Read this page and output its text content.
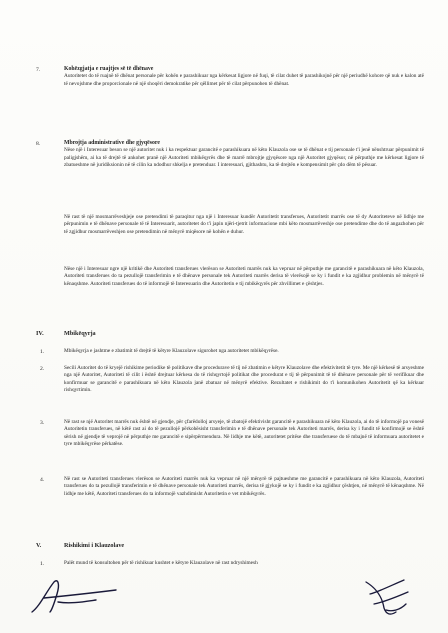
7.	Kohëzgjatja e ruajtjes së të dhënave
Autoritetet do të ruajnë të dhënat personale për kohën e parashikuar nga kërkesat ligjore në fuqi, të cilat duhet të parashikojnë për një periudhë kohore që nuk e kalon atë të nevojshme dhe proporcionale në një shoqëri demokratike për qëllimet për të cilat përpunohen të dhënat.
8.	Mbrojtja administrative dhe gjyqësore
Nëse një i Interesuar beson se një autoritet nuk i ka respektuar garancitë e parashikuara në këto Klauzola ose se të dhënat e tij personale t'i jenë nënshtruar përpunimit të paligjshëm, ai ka të drejtë të ankohet pranë një Autoriteti mbikëqyrës dhe të marrë mbrojtje gjyqësore nga një Autoritet gjyqësor, në përputhje me kërkesat ligjore të zbatueshme në juridiksionin në të cilin ka ndodhur shkelja e pretenduar. I interesuari, gjithashtu, ka të drejtën e kompensimit për çdo dëm të pësuar.
Në rast të një mosmarrëveshjeje ose pretendimi të paraqitur nga një i Interesuar kundër Autoritetit transferues, Autoritetit marrës ose të dy Autoriteteve në lidhje me përpunimin e të dhënave personale të të Interesuarit, autoritetet do t'i japin njëri-tjetrit informacione mbi këto mosmarrëveshje ose pretendime dhe do të angazhohen për të zgjidhur mosmarrëveshjen ose pretendimin në mënyrë miqësore në kohën e duhur.
Nëse një i Interesuar ngre një kritikë dhe Autoriteti transferues vlerëson se Autoriteti marrës nuk ka vepruar në përputhje me garancitë e parashikuara në këto Klauzola, Autoriteti transferues do ta pezullojë transferimin e të dhënave personale tek Autoriteti marrës derisa të vlerësojë se ky i fundit e ka zgjidhur problemin në mënyrë të kënaqshme. Autoriteti transferues do të informojë të Interesuarin dhe Autoritetin e tij mbikëqyrës për zhvillimet e çështjes.
IV.	Mbikëqyrja
1.	Mbikëqyrja e jashtme e zbatimit të drejtë të këtyre Klauzolave sigurohet nga autoritetet mbikëqyrëse.
2.	Secili Autoritet do të kryejë rishikime periodike të politikave dhe procedurave të tij në zbatimin e këtyre Klauzolave dhe efektivitetit të tyre. Me një kërkesë të arsyeshme nga një Autoritet, Autoriteti të cilit i është drejtuar kërkesa do të rishqyrtojë politikat dhe procedurat e tij të përpunimit të të dhënave personale për të verifikuar dhe konfirmuar se garancitë e parashikuara në këto Klauzola janë zbatuar në mënyrë efektive. Rezultatet e rishikimit do t'i komunikohen Autoritetit që ka kërkuar rishqyrtimin.
3.	Në rast se një Autoritet marrës nuk është në gjendje, për çfarëdolloj arsyeje, të zbatojë efektivisht garancitë e parashikuara në këto Klauzola, ai do të informojë pa vonesë Autoritetin transferues, në këtë rast ai do të pezullojë përkohësisht transferimin e të dhënave personale tek Autoriteti marrës, derisa ky i fundit të konfirmojë se është sërish në gjendje të veprojë në përputhje me garancitë e sipërpërmendura. Në lidhje me këtë, autoritetet pritëse dhe transferuese do të mbajnë të informuara autoritetet e tyre mbikëqyrëse përkatëse.
4.	Në rast se Autoriteti transferues vlerëson se Autoriteti marrës nuk ka vepruar në një mënyrë të pajtueshme me garancitë e parashikuara në këto Klauzola, Autoriteti transferues do ta pezullojë transferimin e të dhënave personale tek Autoriteti marrës, derisa të gjykojë se ky i fundit e ka zgjidhur çështjen, në mënyrë të kënaqshme. Në lidhje me këtë, Autoriteti transferues do ta informojë vazhdimisht Autoritetin e vet mbikëqyrës.
V.	Rishikimi i Klauzolave
1.	Palët mund të konsultohen për të rishikuar kushtet e këtyre Klauzolave në rast ndryshimesh
